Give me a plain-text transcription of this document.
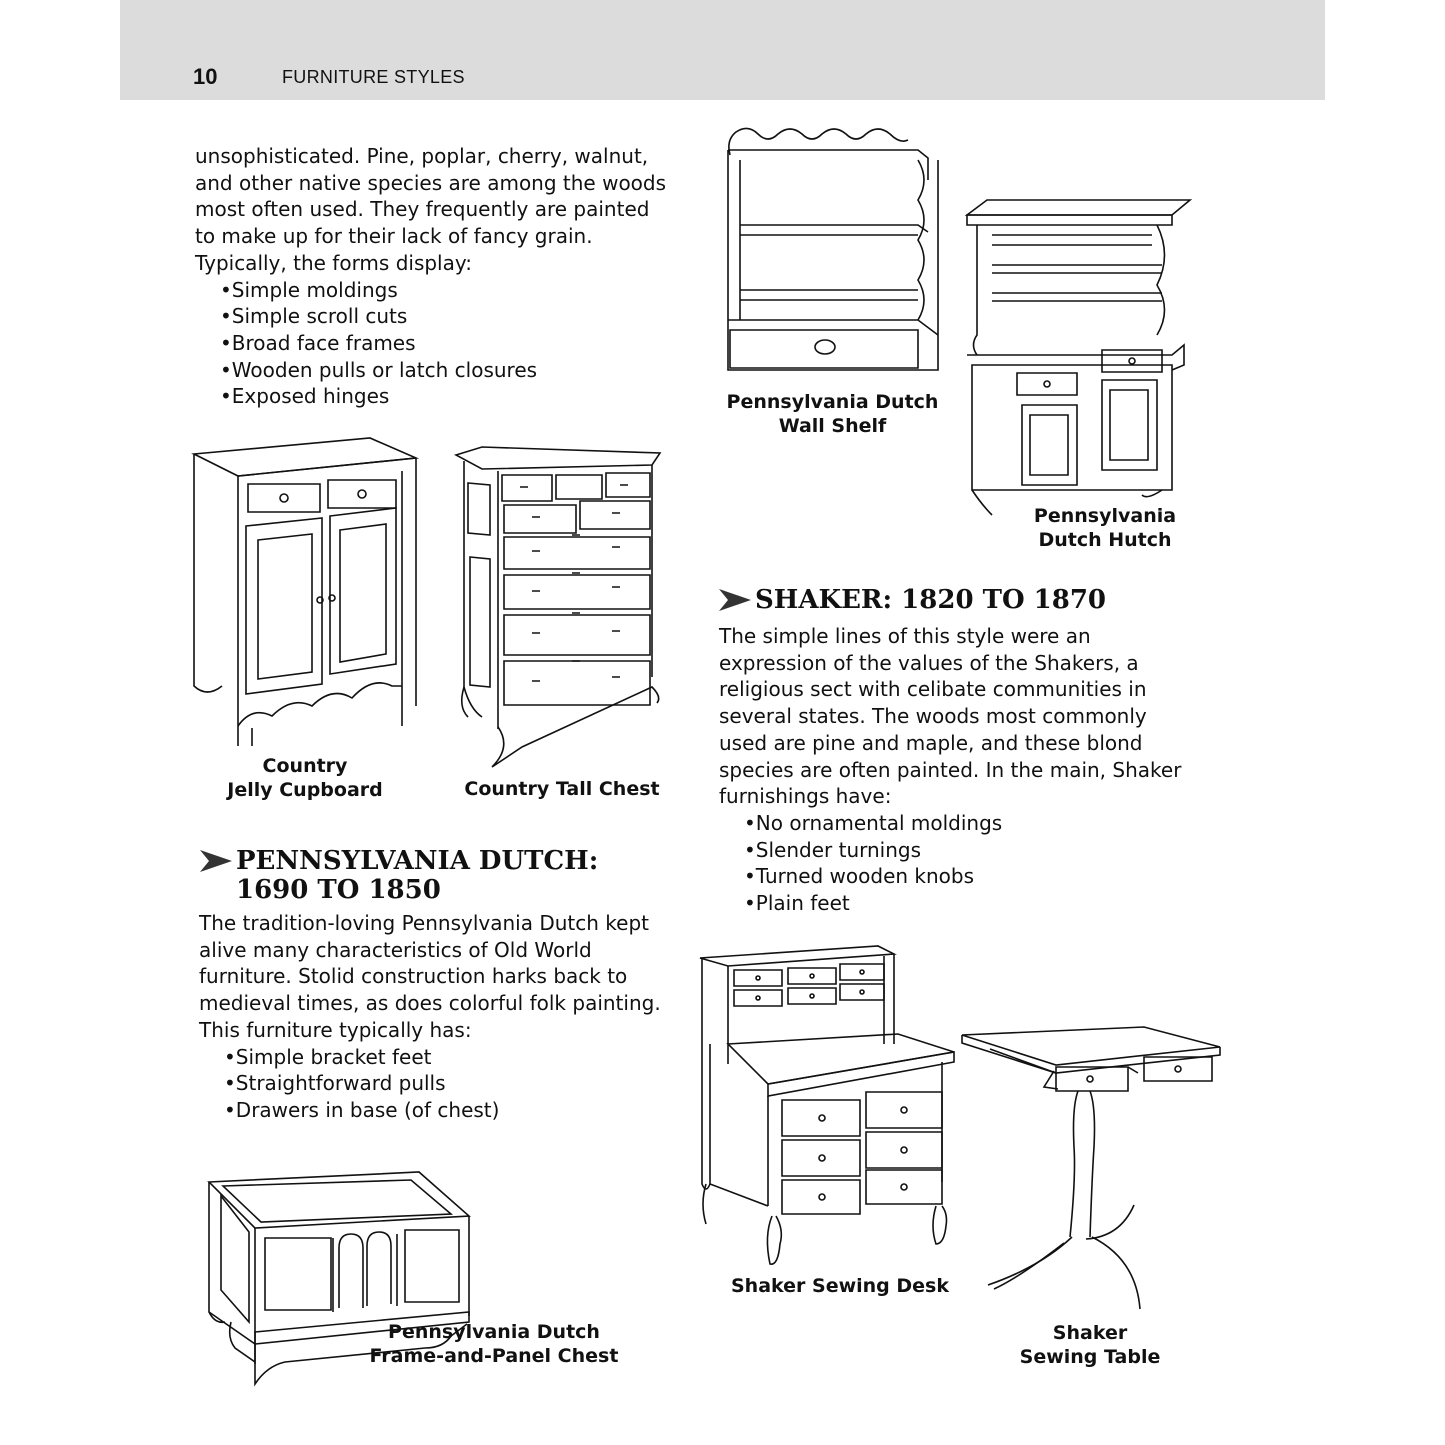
10	FURNITURE STYLES

unsophisticated. Pine, poplar, cherry, walnut,

and other native species are among the woods

most often used. They frequently are painted

to make up for their lack of fancy grain.

Typically, the forms display:

• Simple moldings
• Simple scroll cuts
• Broad face frames
• Wooden pulls or latch closures
• Exposed hinges	Pennsylvania Dutch
Wall Shelf
Pennsylvania
Dutch Hutch
Country
Jelly Cupboard	Country Tall Chest
SHAKER: 1820 TO 1870

The simple lines of this style were an

expression of the values of the Shakers, a

religious sect with celibate communities in

several states. The woods most commonly

used are pine and maple, and these blond

species are often painted. In the main, Shaker

furnishings have:

• No ornamental moldings
• Slender turnings
• Turned wooden knobs
• Plain feet
PENNSYLVANIA DUTCH:
1690 TO 1850

The tradition-loving Pennsylvania Dutch kept

alive many characteristics of Old World

furniture. Stolid construction harks back to

medieval times, as does colorful folk painting.

This furniture typically has:

• Simple bracket feet
• Straightforward pulls
• Drawers in base (of chest)
Shaker Sewing Desk
Shaker
Sewing Table
Pennsylvania Dutch
Frame-and-Panel Chest
